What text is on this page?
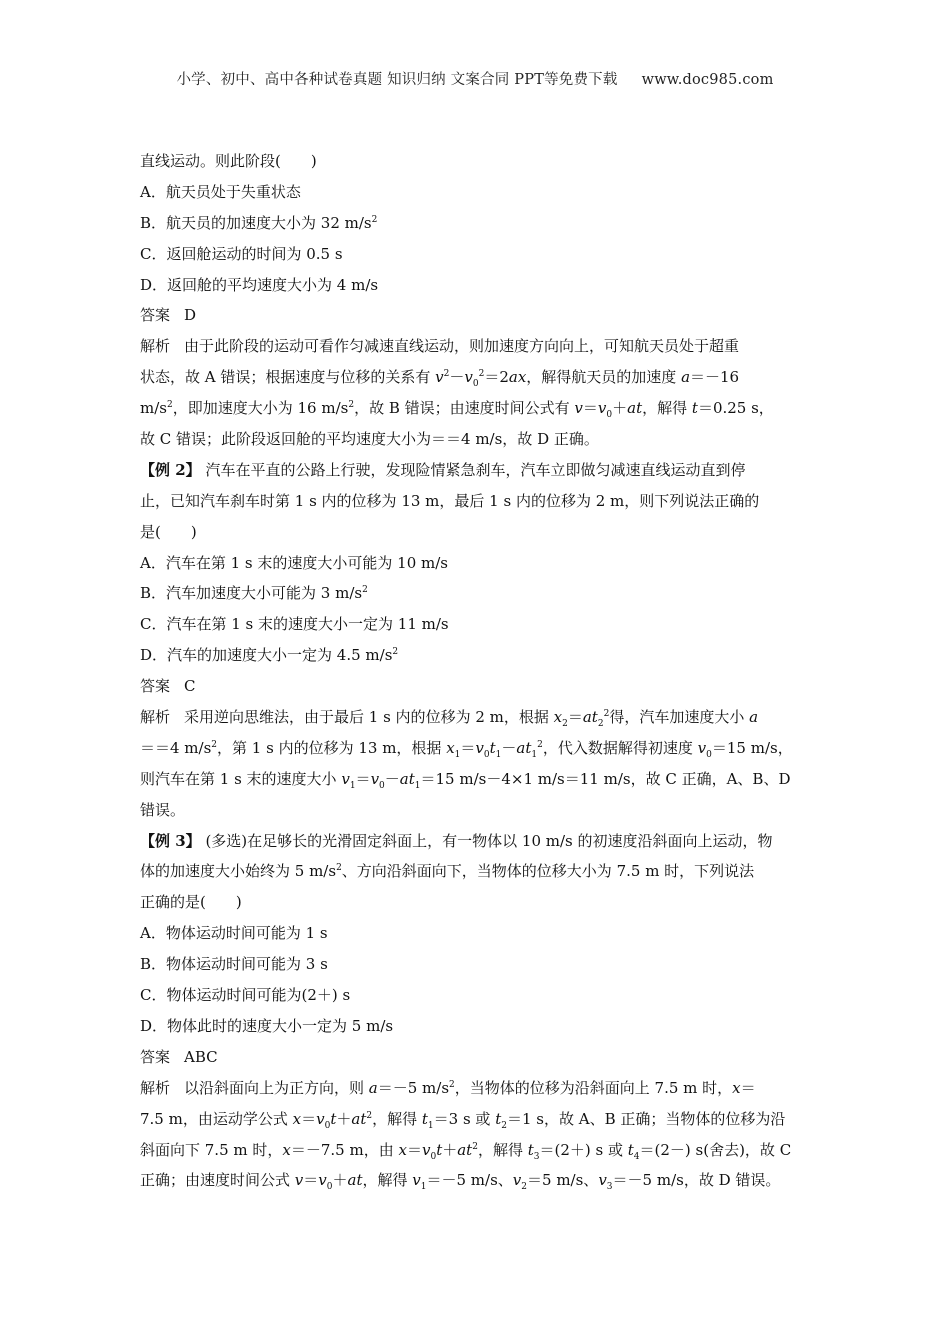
小学、初中、高中各种试卷真题 知识归纳 文案合同 PPT等免费下载 www.doc985.com
直线运动。则此阶段(　　)
A．航天员处于失重状态
B．航天员的加速度大小为 32 $m/s^2$
C．返回舱运动的时间为 0.5 s
D．返回舱的平均速度大小为 4 m/s
答案 D
解析 由于此阶段的运动可看作匀减速直线运动，则加速度方向向上，可知航天员处于超重
状态，故 A 错误；根据速度与位移的关系有 $v^2-v_0^2=2ax$，解得航天员的加速度 a＝－16
$m/s^2$，即加速度大小为 16 $m/s^2$，故 B 错误；由速度时间公式有 $v=v_0+at$，解得 t＝0.25 s，
故 C 错误；此阶段返回舱的平均速度大小为＝＝4 m/s，故 D 正确。
【例 2】 汽车在平直的公路上行驶，发现险情紧急刹车，汽车立即做匀减速直线运动直到停
止，已知汽车刹车时第 1 s 内的位移为 13 m，最后 1 s 内的位移为 2 m，则下列说法正确的
是(　　)
A．汽车在第 1 s 末的速度大小可能为 10 m/s
B．汽车加速度大小可能为 3 $m/s^2$
C．汽车在第 1 s 末的速度大小一定为 11 m/s
D．汽车的加速度大小一定为 4.5 $m/s^2$
答案 C
解析 采用逆向思维法，由于最后 1 s 内的位移为 2 m，根据 $x_2=at_2^2$得，汽车加速度大小 a
＝＝4 $m/s^2$，第 1 s 内的位移为 13 m，根据 $x_1=v_0t_1-at_1^2$，代入数据解得初速度 $v_0=15$ m/s，
则汽车在第 1 s 末的速度大小 $v_1=v_0-at_1=15$ m/s－4×1 m/s＝11 m/s，故 C 正确，A、B、D
错误。
【例 3】 (多选)在足够长的光滑固定斜面上，有一物体以 10 m/s 的初速度沿斜面向上运动，物
体的加速度大小始终为 5 $m/s^2$、方向沿斜面向下，当物体的位移大小为 7.5 m 时，下列说法
正确的是(　　)
A．物体运动时间可能为 1 s
B．物体运动时间可能为 3 s
C．物体运动时间可能为(2＋) s
D．物体此时的速度大小一定为 5 m/s
答案 ABC
解析 以沿斜面向上为正方向，则 a＝－5 $m/s^2$，当物体的位移为沿斜面向上 7.5 m 时，x＝
7.5 m，由运动学公式 $x=v_0t+at^2$，解得 $t_1=3$ s 或 $t_2=1$ s，故 A、B 正确；当物体的位移为沿
斜面向下 7.5 m 时，x＝－7.5 m，由 $x=v_0t+at^2$，解得 $t_3=(2+)$ s 或 $t_4=(2-)$ s(舍去)，故 C
正确；由速度时间公式 $v=v_0+at$，解得 $v_1=-5$ m/s、$v_2=5$ m/s、$v_3=-5$ m/s，故 D 错误。
